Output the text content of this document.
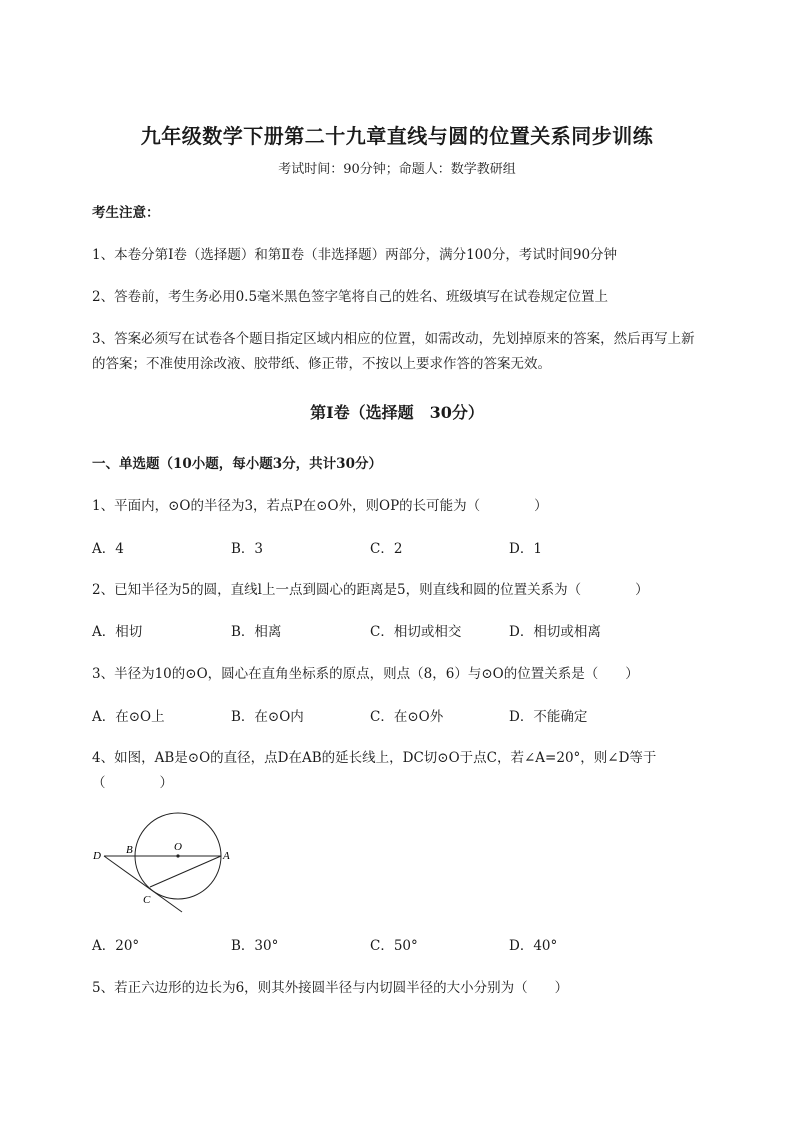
九年级数学下册第二十九章直线与圆的位置关系同步训练
考试时间：90分钟；命题人：数学教研组
考生注意：
1、本卷分第I卷（选择题）和第Ⅱ卷（非选择题）两部分，满分100分，考试时间90分钟
2、答卷前，考生务必用0.5毫米黑色签字笔将自己的姓名、班级填写在试卷规定位置上
3、答案必须写在试卷各个题目指定区域内相应的位置，如需改动，先划掉原来的答案，然后再写上新
的答案；不准使用涂改液、胶带纸、修正带，不按以上要求作答的答案无效。
第I卷（选择题　30分）
一、单选题（10小题，每小题3分，共计30分）
1、平面内，⊙O的半径为3，若点P在⊙O外，则OP的长可能为（　　　　）
A．4	B．3	C．2	D．1
2、已知半径为5的圆，直线l上一点到圆心的距离是5，则直线和圆的位置关系为（　　　　）
A．相切	B．相离	C．相切或相交	D．相切或相离
3、半径为10的⊙O，圆心在直角坐标系的原点，则点（8，6）与⊙O的位置关系是（　　）
A．在⊙O上	B．在⊙O内	C．在⊙O外	D．不能确定
4、如图，AB是⊙O的直径，点D在AB的延长线上，DC切⊙O于点C，若∠A=20°，则∠D等于
（　　　　）
D B	O
A
C
A．20°	B．30°	C．50°	D．40°
5、若正六边形的边长为6，则其外接圆半径与内切圆半径的大小分别为（　　）
